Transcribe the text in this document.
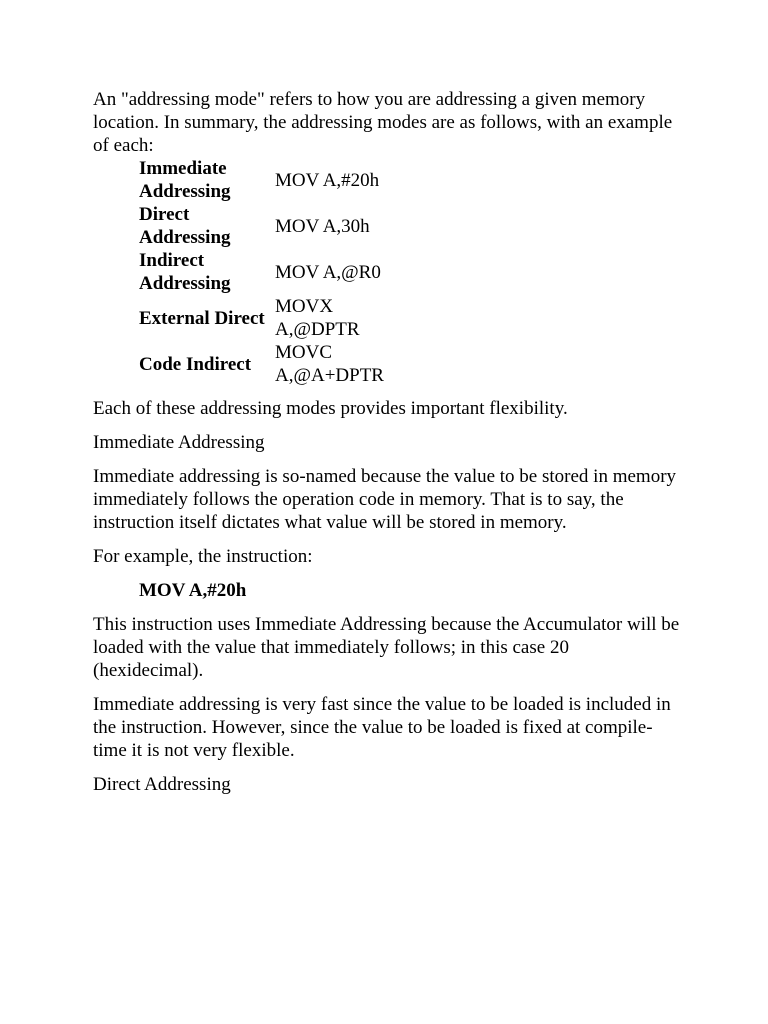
An "addressing mode" refers to how you are addressing a given memory location. In summary, the addressing modes are as follows, with an example of each:

Immediate Addressing	MOV A,#20h
Direct Addressing	MOV A,30h
Indirect Addressing	MOV A,@R0
External Direct	MOVX A,@DPTR
Code Indirect	MOVC A,@A+DPTR

Each of these addressing modes provides important flexibility.

Immediate Addressing

Immediate addressing is so-named because the value to be stored in memory immediately follows the operation code in memory. That is to say, the instruction itself dictates what value will be stored in memory.

For example, the instruction:

MOV A,#20h

This instruction uses Immediate Addressing because the Accumulator will be loaded with the value that immediately follows; in this case 20 (hexidecimal).

Immediate addressing is very fast since the value to be loaded is included in the instruction. However, since the value to be loaded is fixed at compile-time it is not very flexible.

Direct Addressing
